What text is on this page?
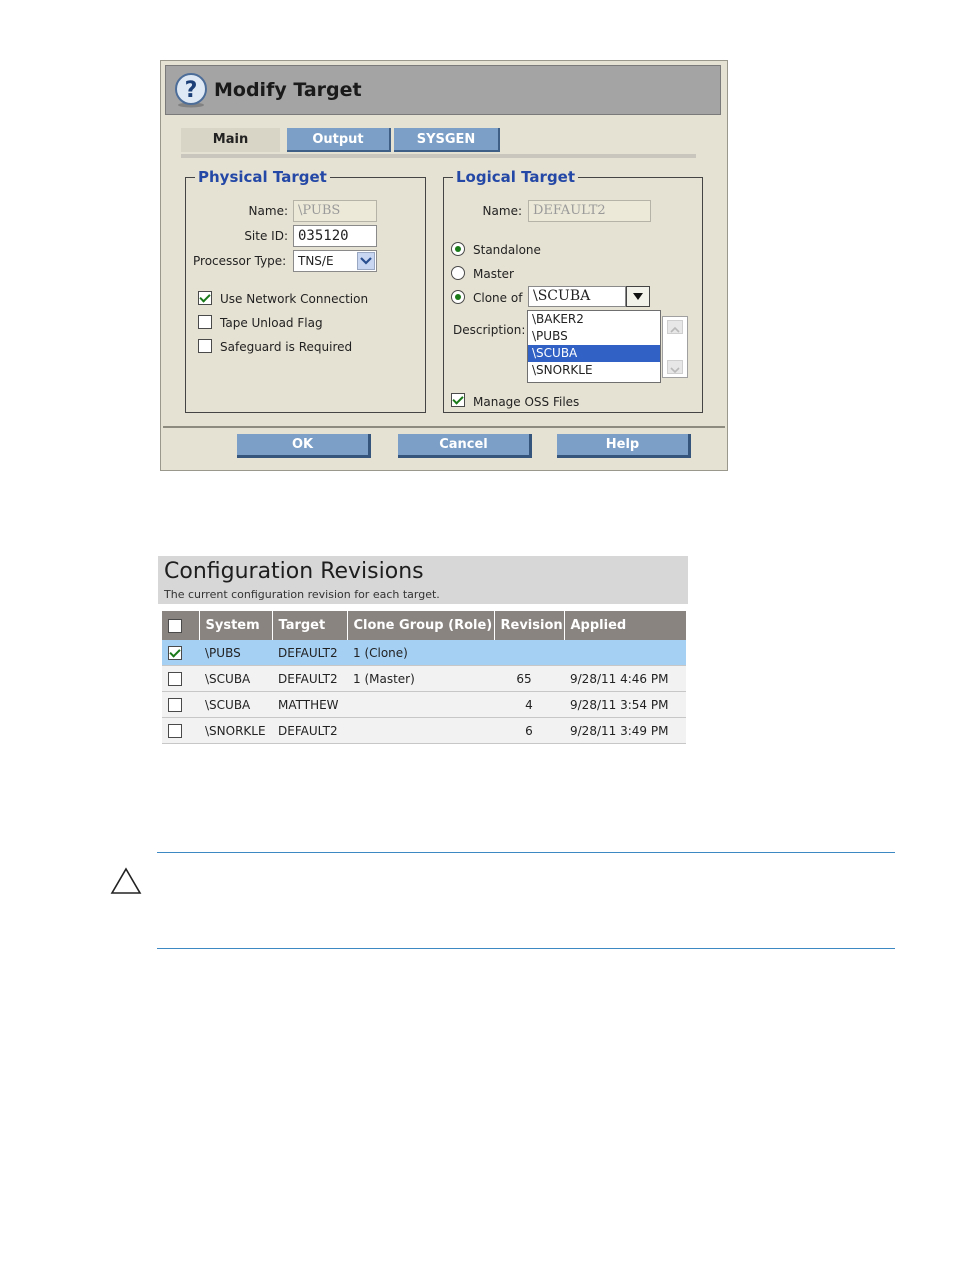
? Modify Target
Main	Output	SYSGEN
Physical Target
Name: \PUBS
Site ID: 035120
Processor Type: TNS/E
Use Network Connection
Tape Unload Flag
Safeguard is Required
Logical Target
Name: DEFAULT2
Standalone
Master
Clone of \SCUBA
Description:
\BAKER2
\PUBS
\SCUBA
\SNORKLE
Manage OSS Files
OK	Cancel	Help
Configuration Revisions
The current configuration revision for each target.
	System	Target	Clone Group (Role)	Revision	Applied
	\PUBS	DEFAULT2	1 (Clone)		
	\SCUBA	DEFAULT2	1 (Master)	65	9/28/11 4:46 PM
	\SCUBA	MATTHEW		4	9/28/11 3:54 PM
	\SNORKLE	DEFAULT2		6	9/28/11 3:49 PM
